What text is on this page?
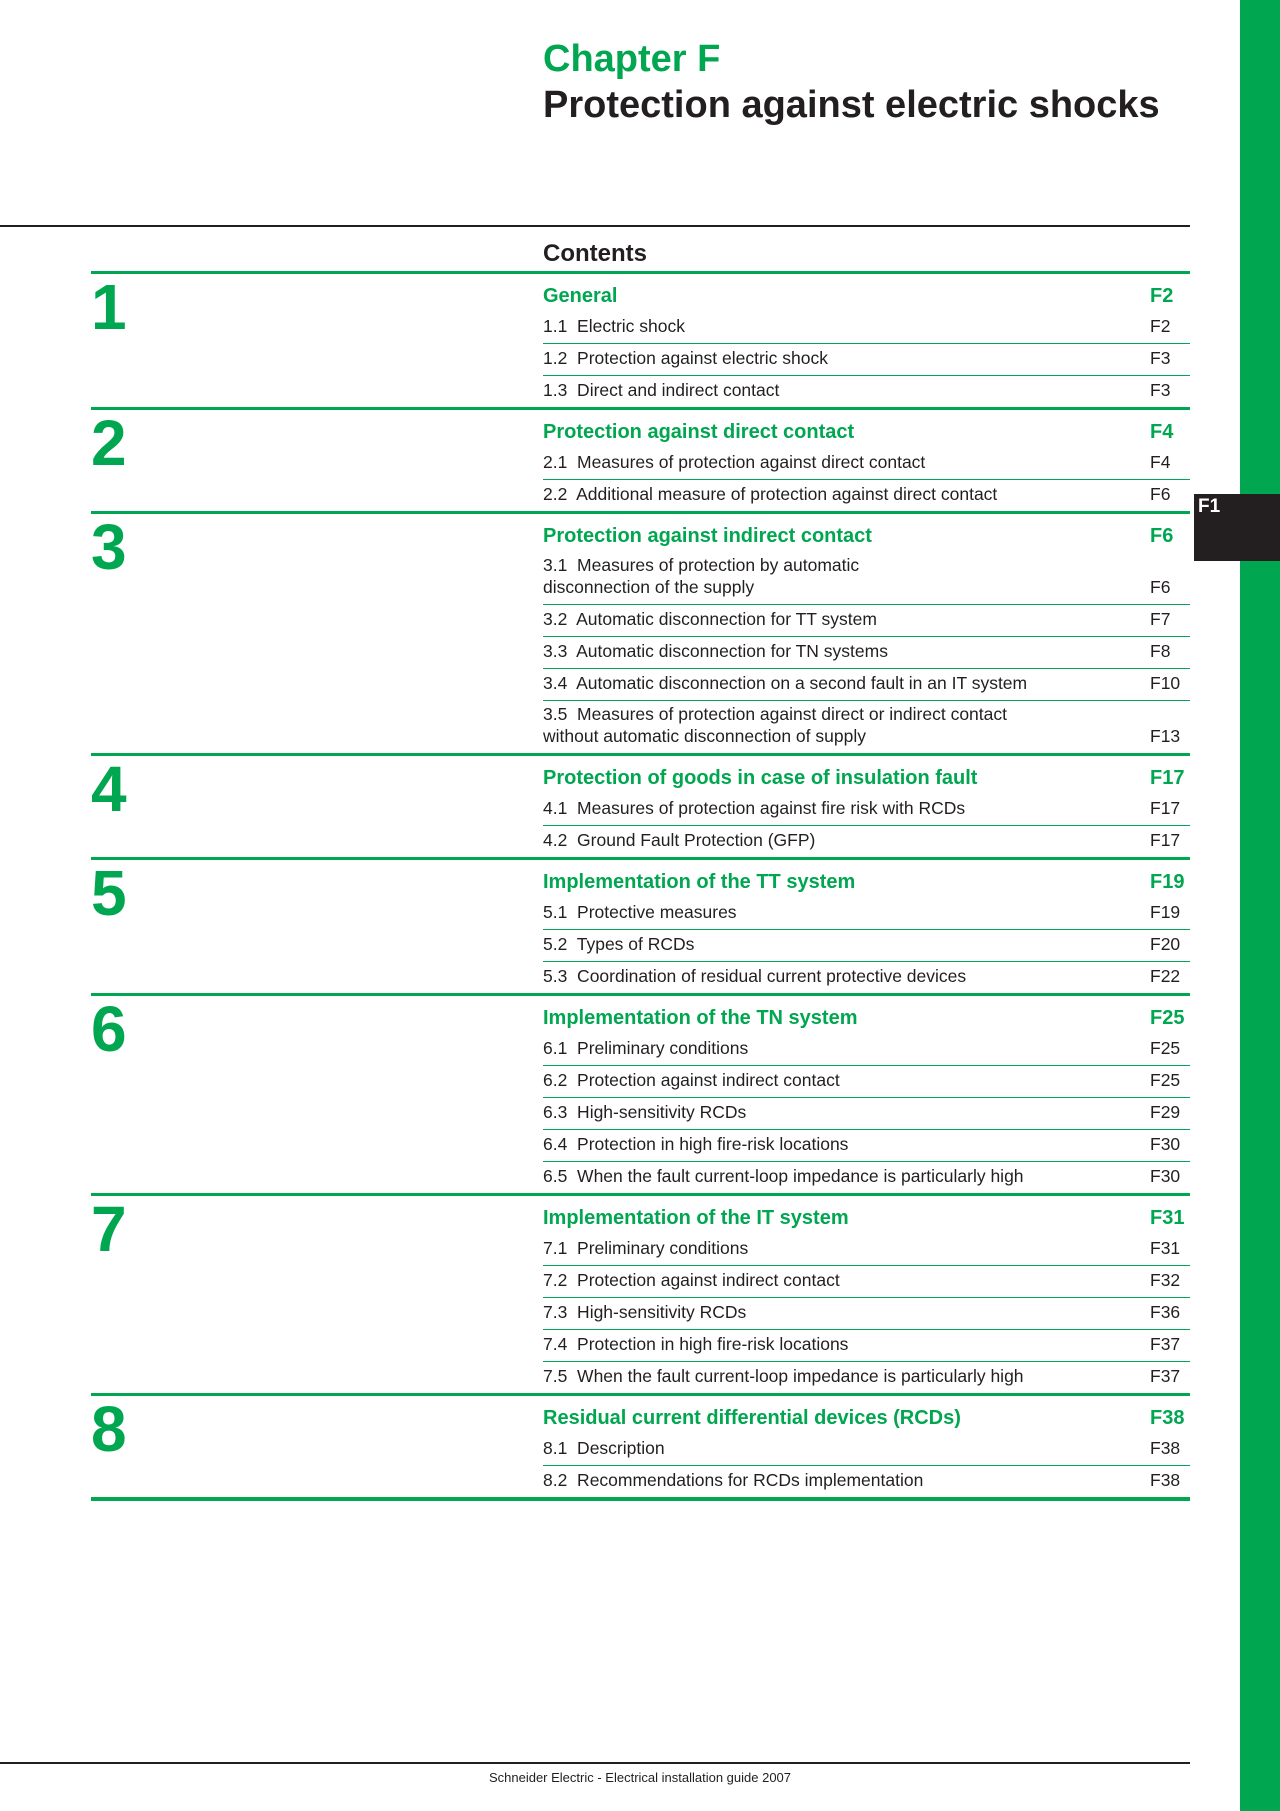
F1
Chapter F
Protection against electric shocks
Contents
1	General	F2
1.1  Electric shock	F2
1.2  Protection against electric shock	F3
1.3  Direct and indirect contact	F3
2	Protection against direct contact	F4
2.1  Measures of protection against direct contact	F4
2.2  Additional measure of protection against direct contact	F6
3	Protection against indirect contact	F6
3.1  Measures of protection by automatic
disconnection of the supply	F6
3.2  Automatic disconnection for TT system	F7
3.3  Automatic disconnection for TN systems	F8
3.4  Automatic disconnection on a second fault in an IT system	F10
3.5  Measures of protection against direct or indirect contact
without automatic disconnection of supply	F13
4	Protection of goods in case of insulation fault	F17
4.1  Measures of protection against fire risk with RCDs	F17
4.2  Ground Fault Protection (GFP)	F17
5	Implementation of the TT system	F19
5.1  Protective measures	F19
5.2  Types of RCDs	F20
5.3  Coordination of residual current protective devices	F22
6	Implementation of the TN system	F25
6.1  Preliminary conditions	F25
6.2  Protection against indirect contact	F25
6.3  High-sensitivity RCDs	F29
6.4  Protection in high fire-risk locations	F30
6.5  When the fault current-loop impedance is particularly high	F30
7	Implementation of the IT system	F31
7.1  Preliminary conditions	F31
7.2  Protection against indirect contact	F32
7.3  High-sensitivity RCDs	F36
7.4  Protection in high fire-risk locations	F37
7.5  When the fault current-loop impedance is particularly high	F37
8	Residual current differential devices (RCDs)	F38
8.1  Description	F38
8.2  Recommendations for RCDs implementation	F38
Schneider Electric - Electrical installation guide 2007
